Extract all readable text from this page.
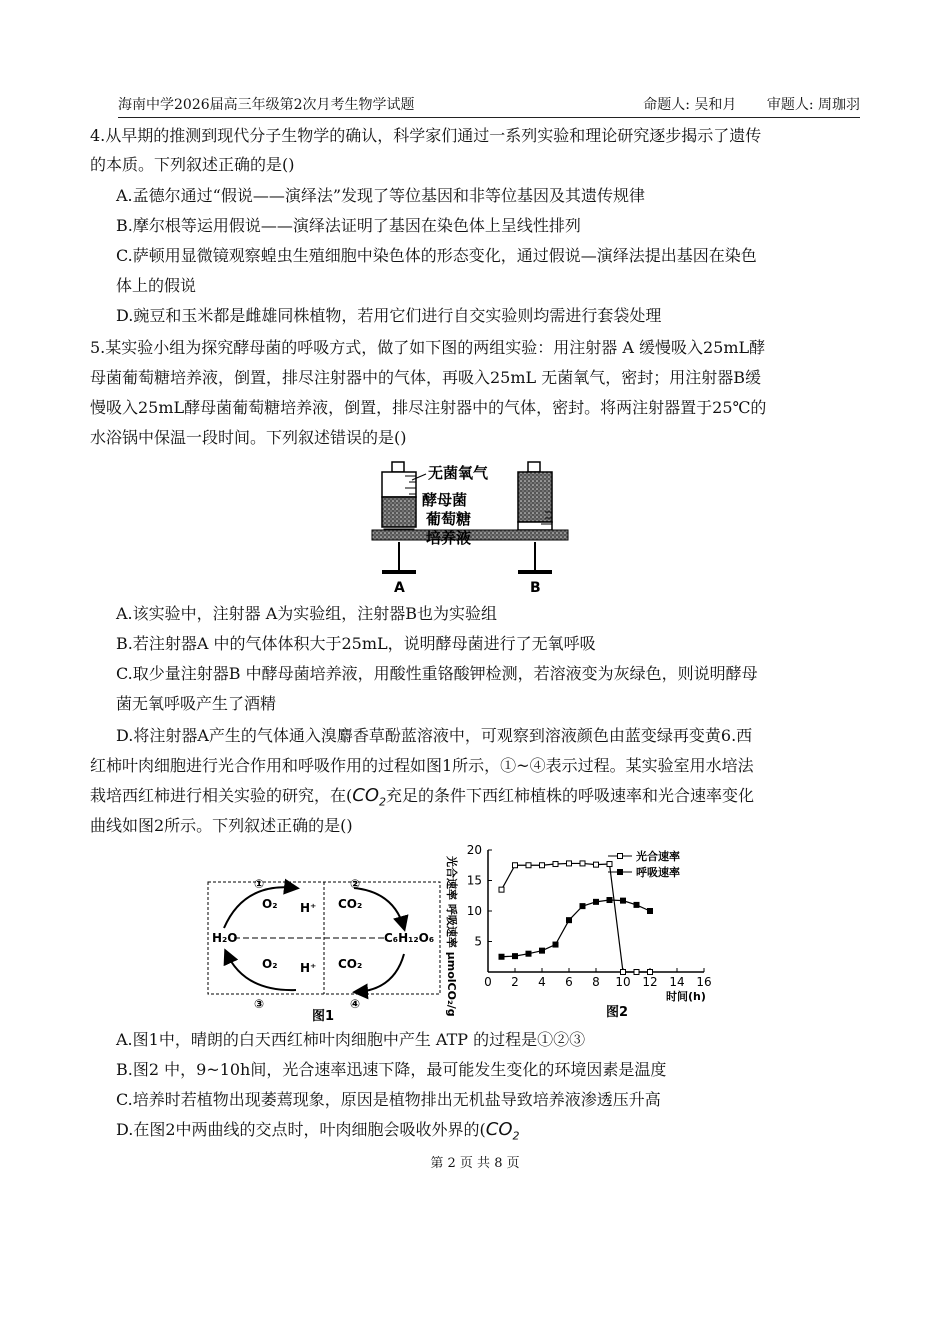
海南中学2026届高三年级第2次月考生物学试题	命题人: 吴和月 审题人: 周珈羽
4.从早期的推测到现代分子生物学的确认，科学家们通过一系列实验和理论研究逐步揭示了遗传
的本质。下列叙述正确的是()
A.孟德尔通过“假说——演绎法”发现了等位基因和非等位基因及其遗传规律
B.摩尔根等运用假说——演绎法证明了基因在染色体上呈线性排列
C.萨顿用显微镜观察蝗虫生殖细胞中染色体的形态变化，通过假说—演绎法提出基因在染色
体上的假说
D.豌豆和玉米都是雌雄同株植物，若用它们进行自交实验则均需进行套袋处理
5.某实验小组为探究酵母菌的呼吸方式，做了如下图的两组实验：用注射器 A 缓慢吸入25mL酵
母菌葡萄糖培养液，倒置，排尽注射器中的气体，再吸入25mL 无菌氧气，密封；用注射器B缓
慢吸入25mL酵母菌葡萄糖培养液，倒置，排尽注射器中的气体，密封。将两注射器置于25℃的
水浴锅中保温一段时间。下列叙述错误的是()
无菌氧气
酵母菌
葡萄糖
培养液
A	B
A.该实验中，注射器 A为实验组，注射器B也为实验组
B.若注射器A 中的气体体积大于25mL，说明酵母菌进行了无氧呼吸
C.取少量注射器B 中酵母菌培养液，用酸性重铬酸钾检测，若溶液变为灰绿色，则说明酵母
菌无氧呼吸产生了酒精
D.将注射器A产生的气体通入溴麝香草酚蓝溶液中，可观察到溶液颜色由蓝变绿再变黄6.西
红柿叶肉细胞进行光合作用和呼吸作用的过程如图1所示，①~④表示过程。某实验室用水培法
栽培西红柿进行相关实验的研究，在($CO_2$充足的条件下西红柿植株的呼吸速率和光合速率变化
曲线如图2所示。下列叙述正确的是()
①	②
③	④
O₂ H⁺ CO₂
H₂O	C₆H₁₂O₆
O₂ H⁺ CO₂
图1
0 2 4 6 8 10 12 14 16
5
10
15
20
光合速率 呼吸速率 μmolCO₂/g	时间(h)
图2
光合速率
呼吸速率
A.图1中，晴朗的白天西红柿叶肉细胞中产生 ATP 的过程是①②③
B.图2 中，9~10h间，光合速率迅速下降，最可能发生变化的环境因素是温度
C.培养时若植物出现萎蔫现象，原因是植物排出无机盐导致培养液渗透压升高
D.在图2中两曲线的交点时，叶肉细胞会吸收外界的($CO_2$
第 2 页 共 8 页
